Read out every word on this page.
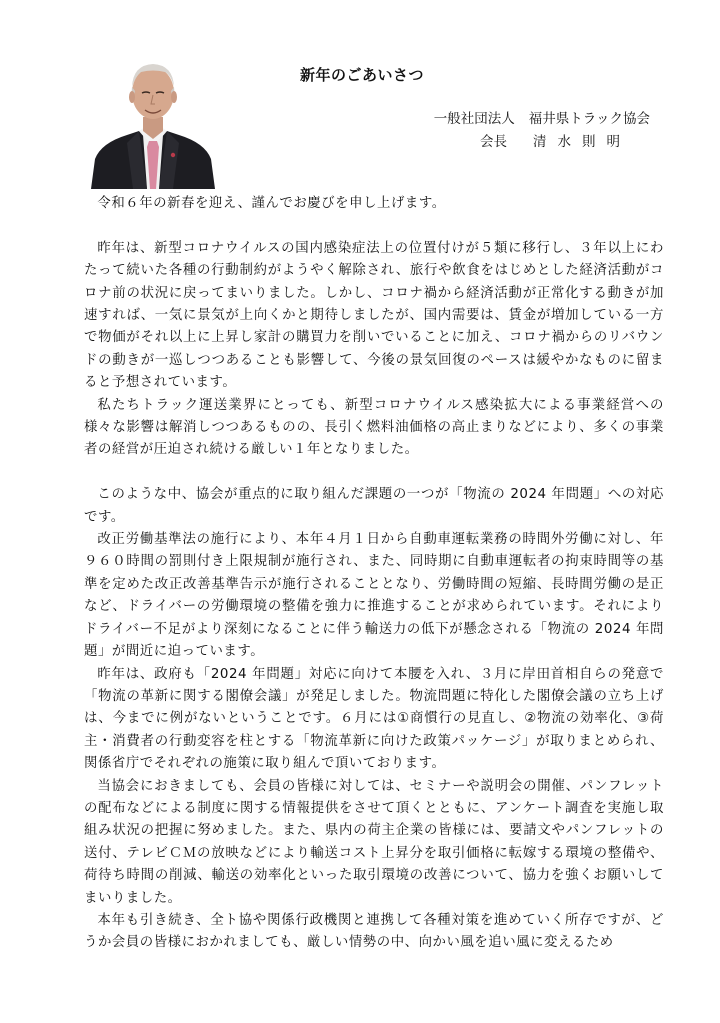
新年のごあいさつ
一般社団法人 福井県トラック協会
会長 清水則明

令和６年の新春を迎え、謹んでお慶びを申し上げます。

昨年は、新型コロナウイルスの国内感染症法上の位置付けが５類に移行し、３年以上にわたって続いた各種の行動制約がようやく解除され、旅行や飲食をはじめとした経済活動がコロナ前の状況に戻ってまいりました。しかし、コロナ禍から経済活動が正常化する動きが加速すれば、一気に景気が上向くかと期待しましたが、国内需要は、賃金が増加している一方で物価がそれ以上に上昇し家計の購買力を削いでいることに加え、コロナ禍からのリバウンドの動きが一巡しつつあることも影響して、今後の景気回復のペースは緩やかなものに留まると予想されています。

私たちトラック運送業界にとっても、新型コロナウイルス感染拡大による事業経営への様々な影響は解消しつつあるものの、長引く燃料油価格の高止まりなどにより、多くの事業者の経営が圧迫され続ける厳しい１年となりました。

このような中、協会が重点的に取り組んだ課題の一つが「物流の 2024 年問題」への対応です。

改正労働基準法の施行により、本年４月１日から自動車運転業務の時間外労働に対し、年９６０時間の罰則付き上限規制が施行され、また、同時期に自動車運転者の拘束時間等の基準を定めた改正改善基準告示が施行されることとなり、労働時間の短縮、長時間労働の是正など、ドライバーの労働環境の整備を強力に推進することが求められています。それによりドライバー不足がより深刻になることに伴う輸送力の低下が懸念される「物流の 2024 年問題」が間近に迫っています。

昨年は、政府も「2024 年問題」対応に向けて本腰を入れ、３月に岸田首相自らの発意で「物流の革新に関する閣僚会議」が発足しました。物流問題に特化した閣僚会議の立ち上げは、今までに例がないということです。６月には①商慣行の見直し、②物流の効率化、③荷主・消費者の行動変容を柱とする「物流革新に向けた政策パッケージ」が取りまとめられ、関係省庁でそれぞれの施策に取り組んで頂いております。

当協会におきましても、会員の皆様に対しては、セミナーや説明会の開催、パンフレットの配布などによる制度に関する情報提供をさせて頂くとともに、アンケート調査を実施し取組み状況の把握に努めました。また、県内の荷主企業の皆様には、要請文やパンフレットの送付、テレビＣＭの放映などにより輸送コスト上昇分を取引価格に転嫁する環境の整備や、荷待ち時間の削減、輸送の効率化といった取引環境の改善について、協力を強くお願いしてまいりました。

本年も引き続き、全ト協や関係行政機関と連携して各種対策を進めていく所存ですが、どうか会員の皆様におかれましても、厳しい情勢の中、向かい風を追い風に変えるため
